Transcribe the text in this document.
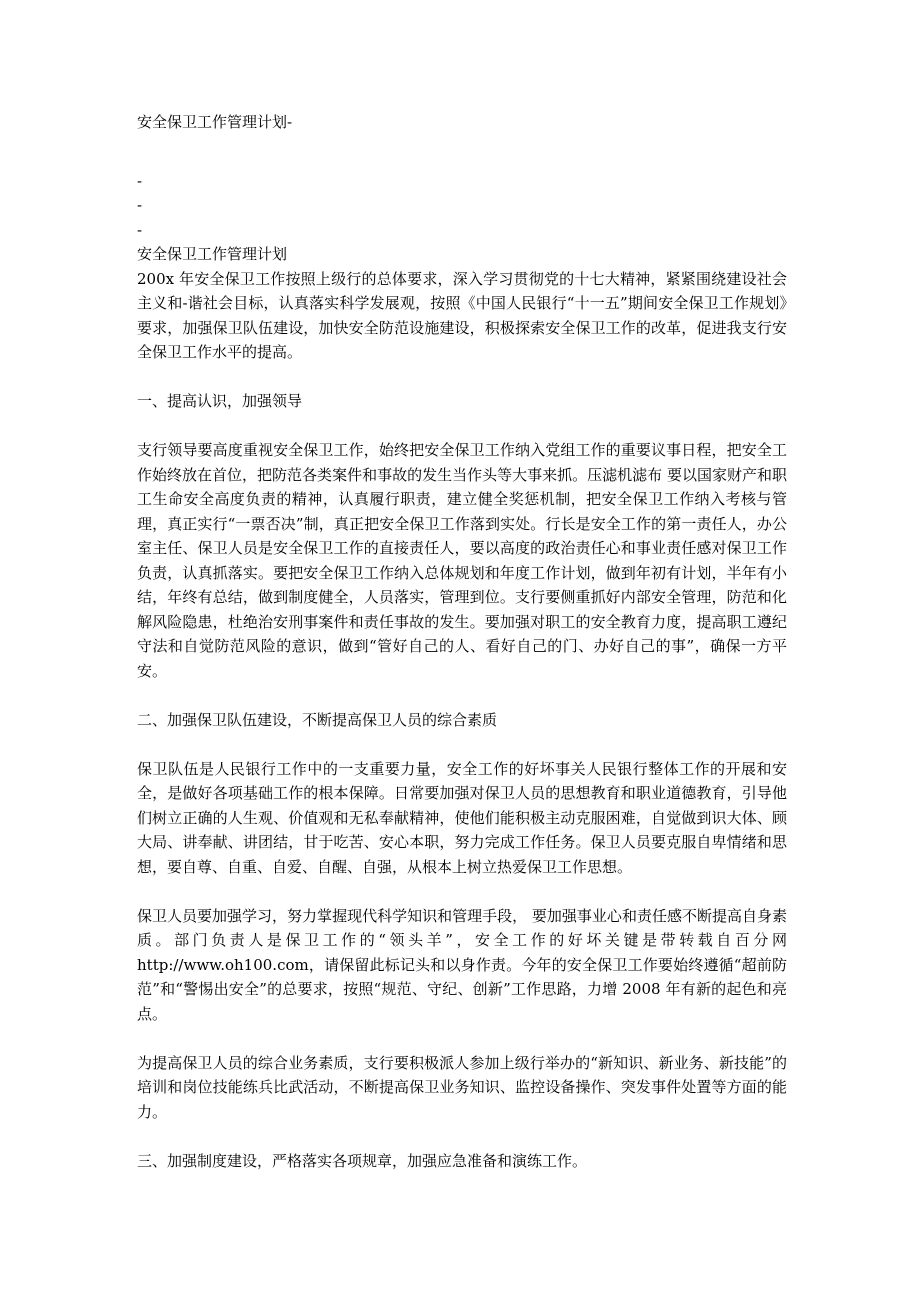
安全保卫工作管理计划-

-

-

-

安全保卫工作管理计划

200x 年安全保卫工作按照上级行的总体要求，深入学习贯彻党的十七大精神，紧紧围绕建设社会主义和-谐社会目标，认真落实科学发展观，按照《中国人民银行“十一五”期间安全保卫工作规划》要求，加强保卫队伍建设，加快安全防范设施建设，积极探索安全保卫工作的改革，促进我支行安全保卫工作水平的提高。

一、提高认识，加强领导

支行领导要高度重视安全保卫工作，始终把安全保卫工作纳入党组工作的重要议事日程，把安全工作始终放在首位，把防范各类案件和事故的发生当作头等大事来抓。压滤机滤布 要以国家财产和职工生命安全高度负责的精神，认真履行职责，建立健全奖惩机制，把安全保卫工作纳入考核与管理，真正实行“一票否决”制，真正把安全保卫工作落到实处。行长是安全工作的第一责任人，办公室主任、保卫人员是安全保卫工作的直接责任人，要以高度的政治责任心和事业责任感对保卫工作负责，认真抓落实。要把安全保卫工作纳入总体规划和年度工作计划，做到年初有计划，半年有小结，年终有总结，做到制度健全，人员落实，管理到位。支行要侧重抓好内部安全管理，防范和化解风险隐患，杜绝治安刑事案件和责任事故的发生。要加强对职工的安全教育力度，提高职工遵纪守法和自觉防范风险的意识，做到“管好自己的人、看好自己的门、办好自己的事”，确保一方平安。

二、加强保卫队伍建设，不断提高保卫人员的综合素质

保卫队伍是人民银行工作中的一支重要力量，安全工作的好坏事关人民银行整体工作的开展和安全，是做好各项基础工作的根本保障。日常要加强对保卫人员的思想教育和职业道德教育，引导他们树立正确的人生观、价值观和无私奉献精神，使他们能积极主动克服困难，自觉做到识大体、顾大局、讲奉献、讲团结，甘于吃苦、安心本职，努力完成工作任务。保卫人员要克服自卑情绪和思想，要自尊、自重、自爱、自醒、自强，从根本上树立热爱保卫工作思想。

保卫人员要加强学习，努力掌握现代科学知识和管理手段， 要加强事业心和责任感不断提高自身素质。部门负责人是保卫工作的“领头羊”，安全工作的好坏关键是带转载自百分网 http://www.oh100.com，请保留此标记头和以身作责。今年的安全保卫工作要始终遵循“超前防范”和“警惕出安全”的总要求，按照“规范、守纪、创新”工作思路，力增 2008 年有新的起色和亮点。

为提高保卫人员的综合业务素质，支行要积极派人参加上级行举办的“新知识、新业务、新技能”的培训和岗位技能练兵比武活动，不断提高保卫业务知识、监控设备操作、突发事件处置等方面的能力。

三、加强制度建设，严格落实各项规章，加强应急准备和演练工作。
